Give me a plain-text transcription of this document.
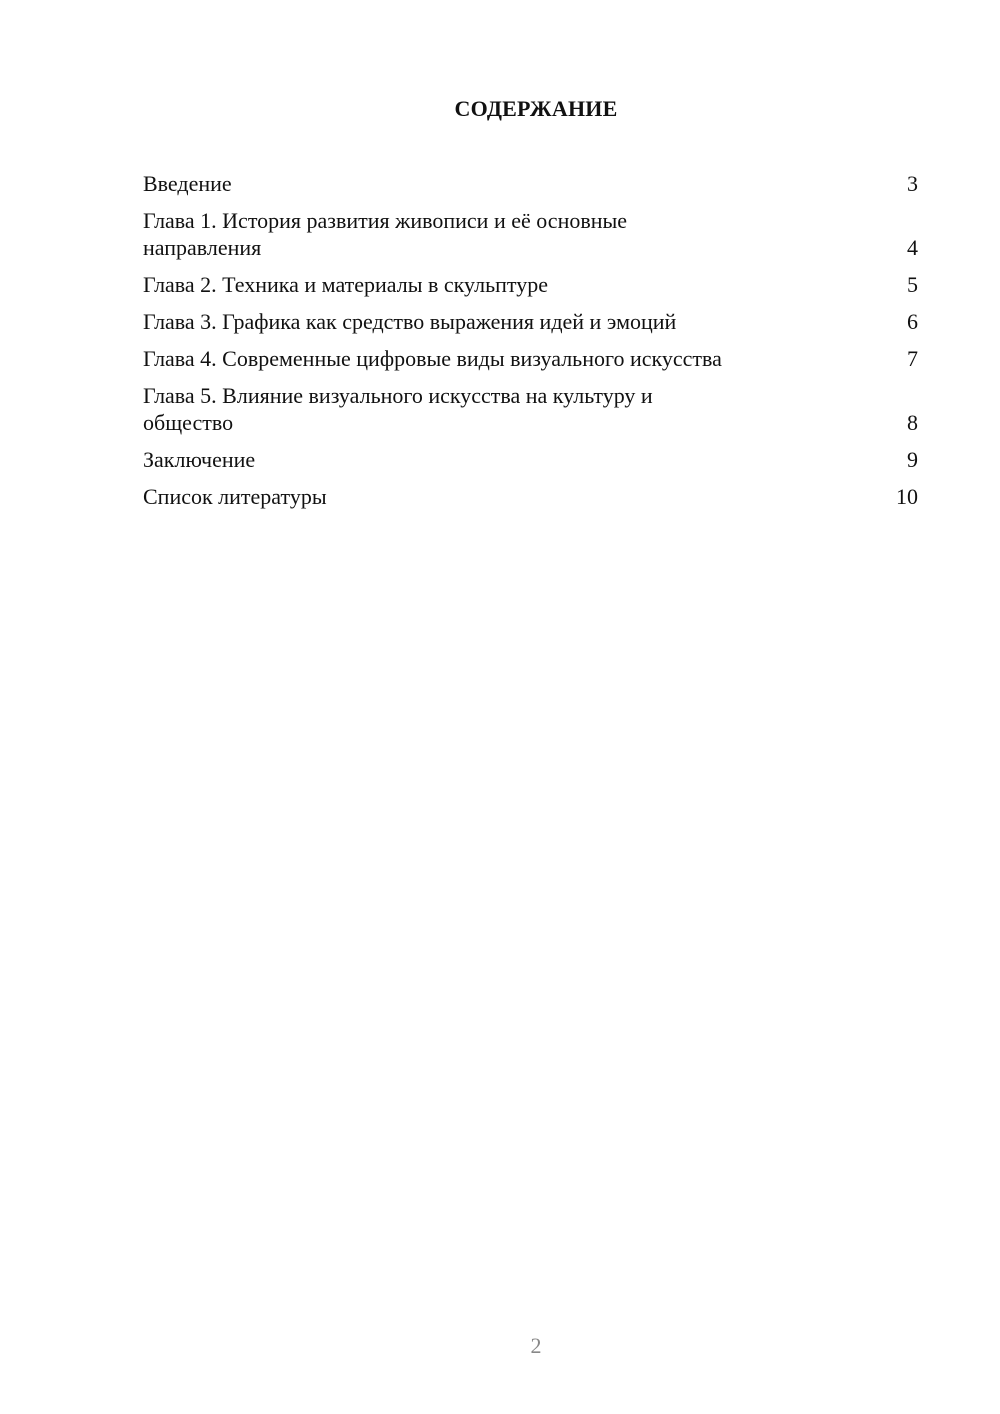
СОДЕРЖАНИЕ
Введение	3
Глава 1. История развития живописи и её основные направления	4
Глава 2. Техника и материалы в скульптуре	5
Глава 3. Графика как средство выражения идей и эмоций	6
Глава 4. Современные цифровые виды визуального искусства	7
Глава 5. Влияние визуального искусства на культуру и общество	8
Заключение	9
Список литературы	10
2
